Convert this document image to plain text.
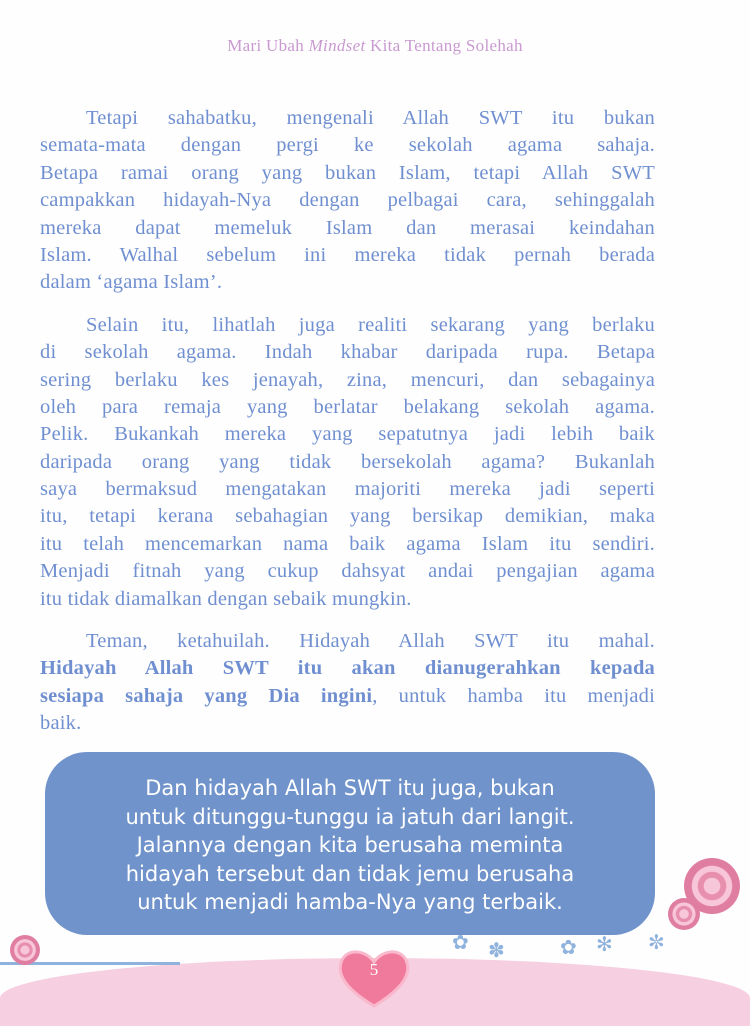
Mari Ubah Mindset Kita Tentang Solehah
Tetapi sahabatku, mengenali Allah SWT itu bukan
semata-mata dengan pergi ke sekolah agama sahaja.
Betapa ramai orang yang bukan Islam, tetapi Allah SWT
campakkan hidayah-Nya dengan pelbagai cara, sehinggalah
mereka dapat memeluk Islam dan merasai keindahan
Islam. Walhal sebelum ini mereka tidak pernah berada
dalam ‘agama Islam’.
Selain itu, lihatlah juga realiti sekarang yang berlaku
di sekolah agama. Indah khabar daripada rupa. Betapa
sering berlaku kes jenayah, zina, mencuri, dan sebagainya
oleh para remaja yang berlatar belakang sekolah agama.
Pelik. Bukankah mereka yang sepatutnya jadi lebih baik
daripada orang yang tidak bersekolah agama? Bukanlah
saya bermaksud mengatakan majoriti mereka jadi seperti
itu, tetapi kerana sebahagian yang bersikap demikian, maka
itu telah mencemarkan nama baik agama Islam itu sendiri.
Menjadi fitnah yang cukup dahsyat andai pengajian agama
itu tidak diamalkan dengan sebaik mungkin.
Teman, ketahuilah. Hidayah Allah SWT itu mahal.
Hidayah Allah SWT itu akan dianugerahkan kepada
sesiapa sahaja yang Dia ingini, untuk hamba itu menjadi
baik.
Dan hidayah Allah SWT itu juga, bukan
untuk ditunggu-tunggu ia jatuh dari langit.
Jalannya dengan kita berusaha meminta
hidayah tersebut dan tidak jemu berusaha
untuk menjadi hamba-Nya yang terbaik.
✿ ✽	✿ ✻ ✼
5
